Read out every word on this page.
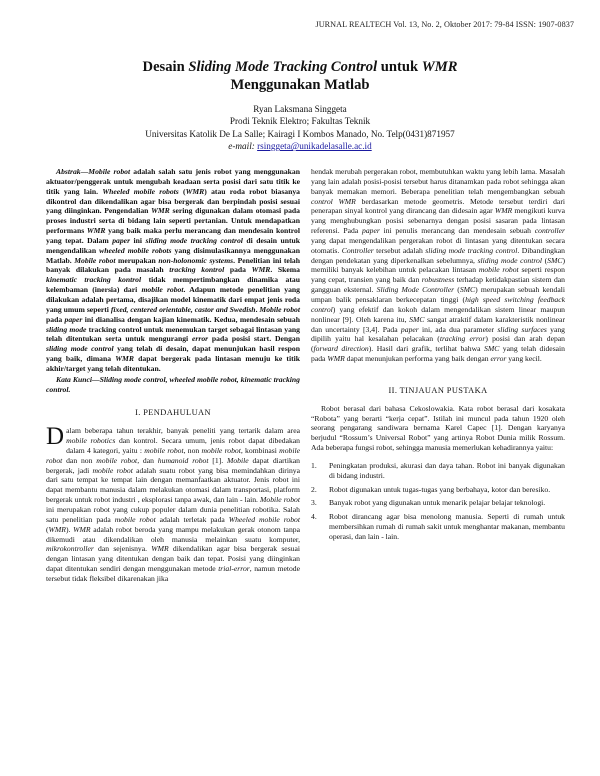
JURNAL REALTECH Vol. 13, No. 2, Oktober 2017: 79-84 ISSN: 1907-0837
Desain Sliding Mode Tracking Control untuk WMR
Menggunakan Matlab
Ryan Laksmana Singgeta
Prodi Teknik Elektro; Fakultas Teknik
Universitas Katolik De La Salle; Kairagi I Kombos Manado, No. Telp(0431)871957
e-mail: rsinggeta@unikadelasalle.ac.id

Abstrak—Mobile robot adalah salah satu jenis robot yang menggunakan aktuator/penggerak untuk mengubah keadaan serta posisi dari satu titik ke titik yang lain. Wheeled mobile robots (WMR) atau roda robot biasanya dikontrol dan dikendalikan agar bisa bergerak dan berpindah posisi sesuai yang diinginkan. Pengendalian WMR sering digunakan dalam otomasi pada proses industri serta di bidang lain seperti pertanian. Untuk mendapatkan performans WMR yang baik maka perlu merancang dan mendesain kontrol yang tepat. Dalam paper ini sliding mode tracking control di desain untuk mengendalikan wheeled mobile robots yang disimulasikannya menggunakan Matlab. Mobile robot merupakan non-holonomic systems. Penelitian ini telah banyak dilakukan pada masalah tracking kontrol pada WMR. Skema kinematic tracking kontrol tidak mempertimbangkan dinamika atau kelembaman (inersia) dari mobile robot. Adapun metode penelitian yang dilakukan adalah pertama, disajikan model kinematik dari empat jenis roda yang umum seperti fixed, centered orientable, castor and Swedish. Mobile robot pada paper ini dianalisa dengan kajian kinematik. Kedua, mendesain sebuah sliding mode tracking control untuk menemukan target sebagai lintasan yang telah ditentukan serta untuk mengurangi error pada posisi start. Dengan sliding mode control yang telah di desain, dapat menunjukan hasil respon yang baik, dimana WMR dapat bergerak pada lintasan menuju ke titik akhir/target yang telah ditentukan.

Kata Kunci—Sliding mode control, wheeled mobile robot, kinematic tracking control.

I. PENDAHULUAN

Dalam beberapa tahun terakhir, banyak peneliti yang tertarik dalam area mobile robotics dan kontrol. Secara umum, jenis robot dapat dibedakan dalam 4 kategori, yaitu : mobile robot, non mobile robot, kombinasi mobile robot dan non mobile robot, dan humanoid robot [1]. Mobile dapat diartikan bergerak, jadi mobile robot adalah suatu robot yang bisa memindahkan dirinya dari satu tempat ke tempat lain dengan memanfaatkan aktuator. Jenis robot ini dapat membantu manusia dalam melakukan otomasi dalam transportasi, platform bergerak untuk robot industri , eksplorasi tanpa awak, dan lain - lain. Mobile robot ini merupakan robot yang cukup populer dalam dunia penelitian robotika. Salah satu penelitian pada mobile robot adalah terletak pada Wheeled mobile robot (WMR). WMR adalah robot beroda yang mampu melakukan gerak otonom tanpa dikemudi atau dikendalikan oleh manusia melainkan suatu komputer, mikrokontroller dan sejenisnya. WMR dikendalikan agar bisa bergerak sesuai dengan lintasan yang ditentukan dengan baik dan tepat. Posisi yang diinginkan dapat ditentukan sendiri dengan menggunakan metode trial-error, namun metode tersebut tidak fleksibel dikarenakan jika

hendak merubah pergerakan robot, membutuhkan waktu yang lebih lama. Masalah yang lain adalah posisi-posisi tersebut harus ditanamkan pada robot sehingga akan banyak memakan memori. Beberapa penelitian telah mengembangkan sebuah control WMR berdasarkan metode geometris. Metode tersebut terdiri dari penerapan sinyal kontrol yang dirancang dan didesain agar WMR mengikuti kurva yang menghubungkan posisi sebenarnya dengan posisi sasaran pada lintasan referensi. Pada paper ini penulis merancang dan mendesain sebuah controller yang dapat mengendalikan pergerakan robot di lintasan yang ditentukan secara otomatis. Controller tersebut adalah sliding mode tracking control. Dibandingkan dengan pendekatan yang diperkenalkan sebelumnya, sliding mode control (SMC) memiliki banyak kelebihan untuk pelacakan lintasan mobile robot seperti respon yang cepat, transien yang baik dan robustness terhadap ketidakpastian sistem dan gangguan eksternal. Sliding Mode Controller (SMC) merupakan sebuah kendali umpan balik pensaklaran berkecepatan tinggi (high speed switching feedback control) yang efektif dan kokoh dalam mengendalikan sistem linear maupun nonlinear [9]. Oleh karena itu, SMC sangat atraktif dalam karakteristik nonlinear dan uncertainty [3,4]. Pada paper ini, ada dua parameter sliding surfaces yang dipilih yaitu hal kesalahan pelacakan (tracking error) posisi dan arah depan (forward direction). Hasil dari grafik, terlihat bahwa SMC yang telah didesain pada WMR dapat menunjukan performa yang baik dengan error yang kecil.

II. TINJAUAN PUSTAKA

Robot berasal dari bahasa Cekoslowakia. Kata robot berasal dari kosakata “Robota” yang berarti “kerja cepat”. Istilah ini muncul pada tahun 1920 oleh seorang pengarang sandiwara bernama Karel Capec [1]. Dengan karyanya berjudul “Rossum’s Universal Robot” yang artinya Robot Dunia milik Rossum. Ada beberapa fungsi robot, sehingga manusia memerlukan kehadirannya yaitu:

1. Peningkatan produksi, akurasi dan daya tahan. Robot ini banyak digunakan di bidang industri.
2. Robot digunakan untuk tugas-tugas yang berbahaya, kotor dan beresiko.
3. Banyak robot yang digunakan untuk menarik pelajar belajar teknologi.
4. Robot dirancang agar bisa menolong manusia. Seperti di rumah untuk membersihkan rumah di rumah sakit untuk menghantar makanan, membantu operasi, dan lain - lain.
